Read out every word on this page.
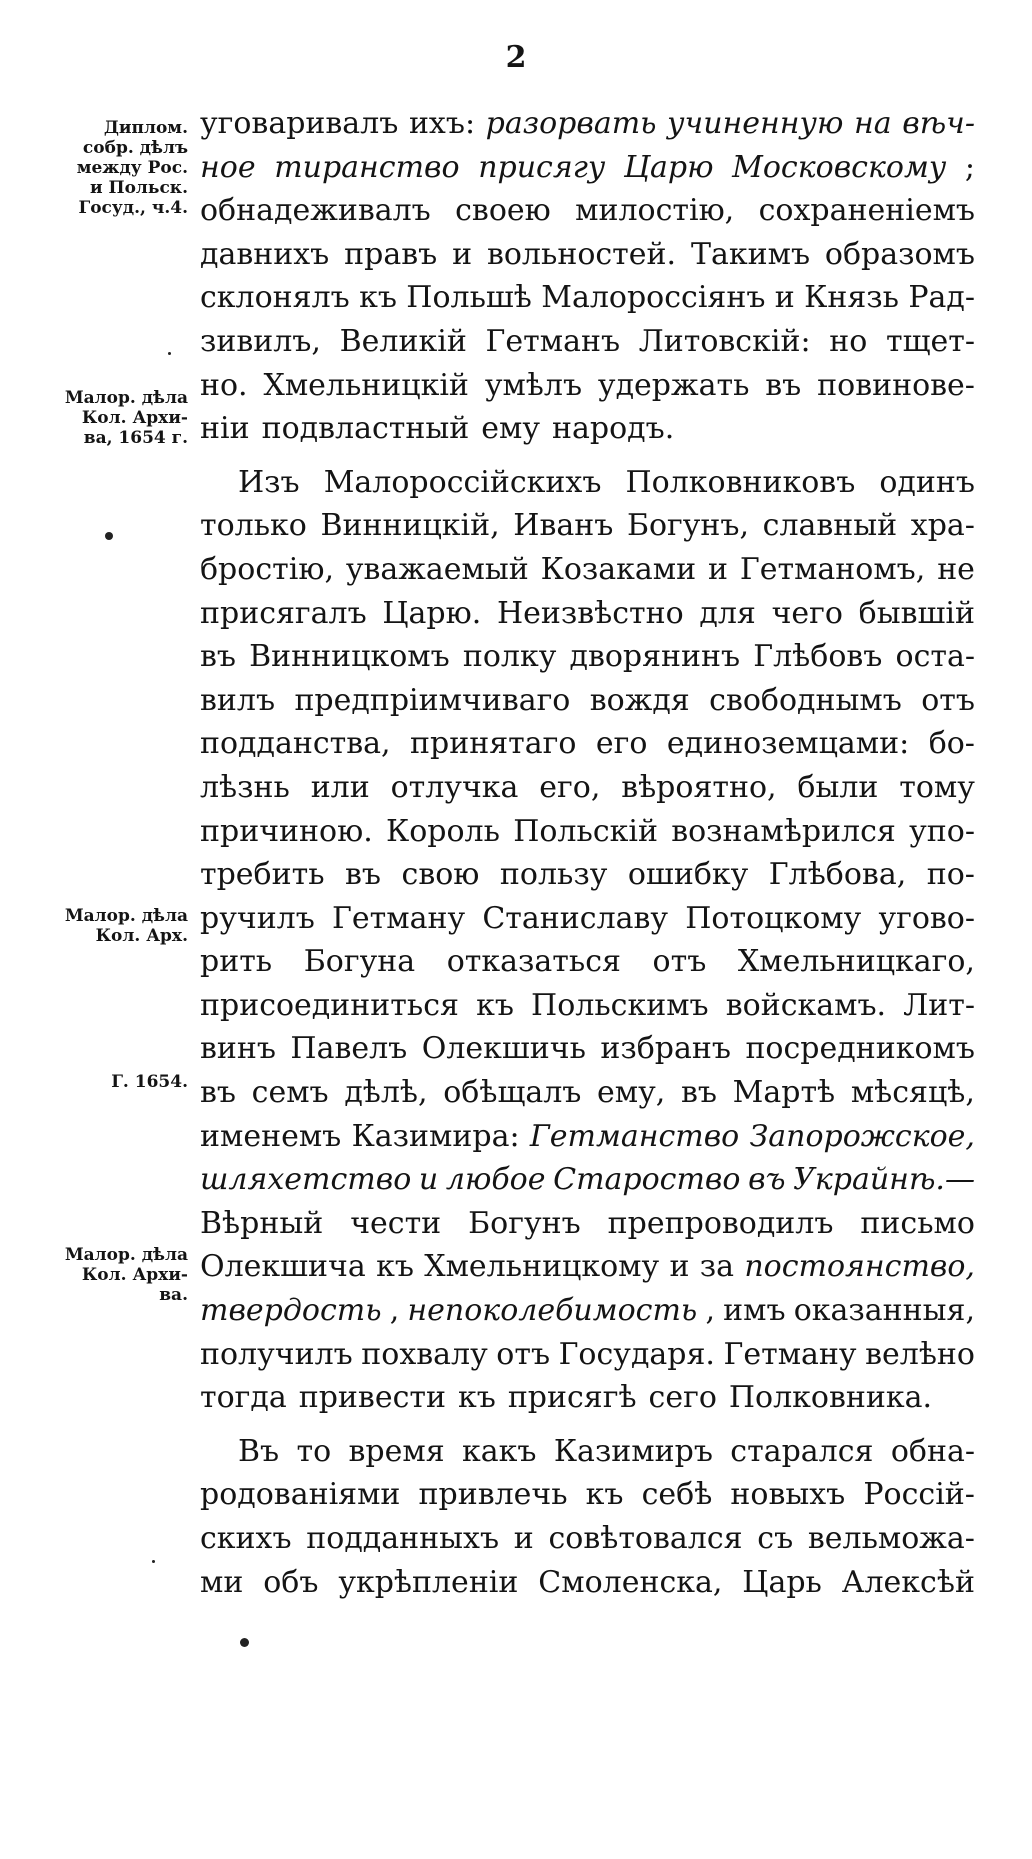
2
Диплом.
собр. дѣлъ
между Рос.
и Польск.
Госуд., ч.4.
Малор. дѣла
Кол. Архи-
ва, 1654 г.
Малор. дѣла
Кол. Арх.
Г. 1654.
Малор. дѣла
Кол. Архи-
ва.
уговаривалъ ихъ: разорвать учиненную на вѣч-
ное тиранство присягу Царю Московскому ;
обнадеживалъ своею милостію, сохраненіемъ
давнихъ правъ и вольностей. Такимъ образомъ
склонялъ къ Польшѣ Малороссіянъ и Князь Рад-
зивилъ, Великій Гетманъ Литовскій: но тщет-
но. Хмельницкій умѣлъ удержать въ повинове-
ніи подвластный ему народъ.
Изъ Малороссійскихъ Полковниковъ одинъ
только Винницкій, Иванъ Богунъ, славный хра-
бростію, уважаемый Козаками и Гетманомъ, не
присягалъ Царю. Неизвѣстно для чего бывшій
въ Винницкомъ полку дворянинъ Глѣбовъ оста-
вилъ предпріимчиваго вождя свободнымъ отъ
подданства, принятаго его единоземцами: бо-
лѣзнь или отлучка его, вѣроятно, были тому
причиною. Король Польскій вознамѣрился упо-
требить въ свою пользу ошибку Глѣбова, по-
ручилъ Гетману Станиславу Потоцкому угово-
рить Богуна отказаться отъ Хмельницкаго,
присоединиться къ Польскимъ войскамъ. Лит-
винъ Павелъ Олекшичь избранъ посредникомъ
въ семъ дѣлѣ, обѣщалъ ему, въ Мартѣ мѣсяцѣ,
именемъ Казимира: Гетманство Запорожское,
шляхетство и любое Староство въ Украйнѣ.—
Вѣрный чести Богунъ препроводилъ письмо
Олекшича къ Хмельницкому и за постоянство,
твердость , непоколебимость , имъ оказанныя,
получилъ похвалу отъ Государя. Гетману велѣно
тогда привести къ присягѣ сего Полковника.
Въ то время какъ Казимиръ старался обна-
родованіями привлечь къ себѣ новыхъ Россій-
скихъ подданныхъ и совѣтовался съ вельможа-
ми объ укрѣпленіи Смоленска, Царь Алексѣй
